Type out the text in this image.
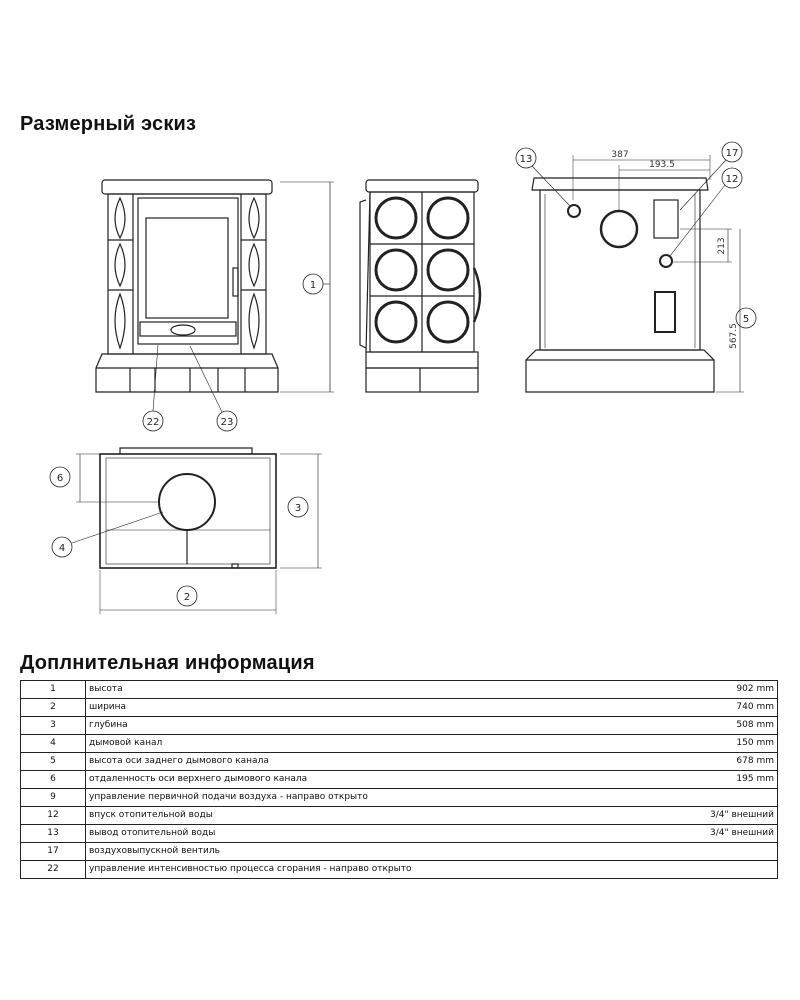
Размерный эскиз
1
22	23
13
17
12
5
2
3
6
4
387
193.5
213
567.5
Доплнительная информация
1	высота	902 mm
2	ширина	740 mm
3	глубина	508 mm
4	дымовой канал	150 mm
5	высота оси заднего дымового канала	678 mm
6	отдаленность оси верхнего дымового канала	195 mm
9	управление первичной подачи воздуха - направо открыто	
12	впуск отопительной воды	3/4" внешний
13	вывод отопительной воды	3/4" внешний
17	воздуховыпускной вентиль	
22	управление интенсивностью процесса сгорания - направо открыто	
